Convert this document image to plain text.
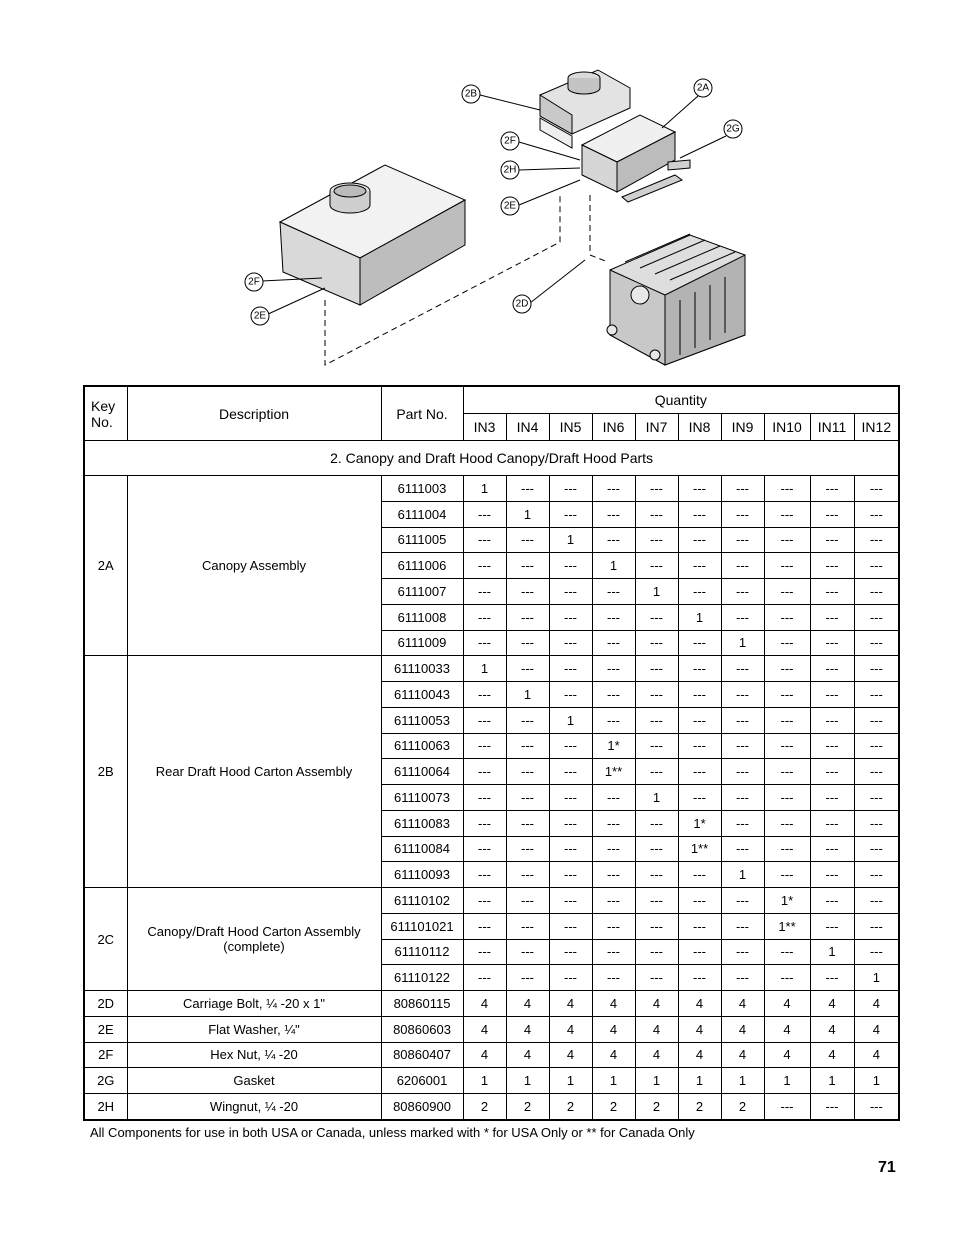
2B
2A
2F
2G
2H
2E
2F
2E
2D
Key No.	Description	Part No.	Quantity									
			IN3	IN4	IN5	IN6	IN7	IN8	IN9	IN10	IN11	IN12
2. Canopy and Draft Hood Canopy/Draft Hood Parts												
2A	Canopy Assembly	6111003	1	---	---	---	---	---	---	---	---	---
		6111004	---	1	---	---	---	---	---	---	---	---
		6111005	---	---	1	---	---	---	---	---	---	---
		6111006	---	---	---	1	---	---	---	---	---	---
		6111007	---	---	---	---	1	---	---	---	---	---
		6111008	---	---	---	---	---	1	---	---	---	---
		6111009	---	---	---	---	---	---	1	---	---	---
2B	Rear Draft Hood Carton Assembly	61110033	1	---	---	---	---	---	---	---	---	---
		61110043	---	1	---	---	---	---	---	---	---	---
		61110053	---	---	1	---	---	---	---	---	---	---
		61110063	---	---	---	1*	---	---	---	---	---	---
		61110064	---	---	---	1**	---	---	---	---	---	---
		61110073	---	---	---	---	1	---	---	---	---	---
		61110083	---	---	---	---	---	1*	---	---	---	---
		61110084	---	---	---	---	---	1**	---	---	---	---
		61110093	---	---	---	---	---	---	1	---	---	---
2C	Canopy/Draft Hood Carton Assembly (complete)	61110102	---	---	---	---	---	---	---	1*	---	---
		611101021	---	---	---	---	---	---	---	1**	---	---
		61110112	---	---	---	---	---	---	---	---	1	---
		61110122	---	---	---	---	---	---	---	---	---	1
2D	Carriage Bolt, ¼ -20 x 1"	80860115	4	4	4	4	4	4	4	4	4	4
2E	Flat Washer, ¼"	80860603	4	4	4	4	4	4	4	4	4	4
2F	Hex Nut, ¼ -20	80860407	4	4	4	4	4	4	4	4	4	4
2G	Gasket	6206001	1	1	1	1	1	1	1	1	1	1
2H	Wingnut, ¼ -20	80860900	2	2	2	2	2	2	2	---	---	---
All Components for use in both USA or Canada, unless marked with * for USA Only or ** for Canada Only
71
